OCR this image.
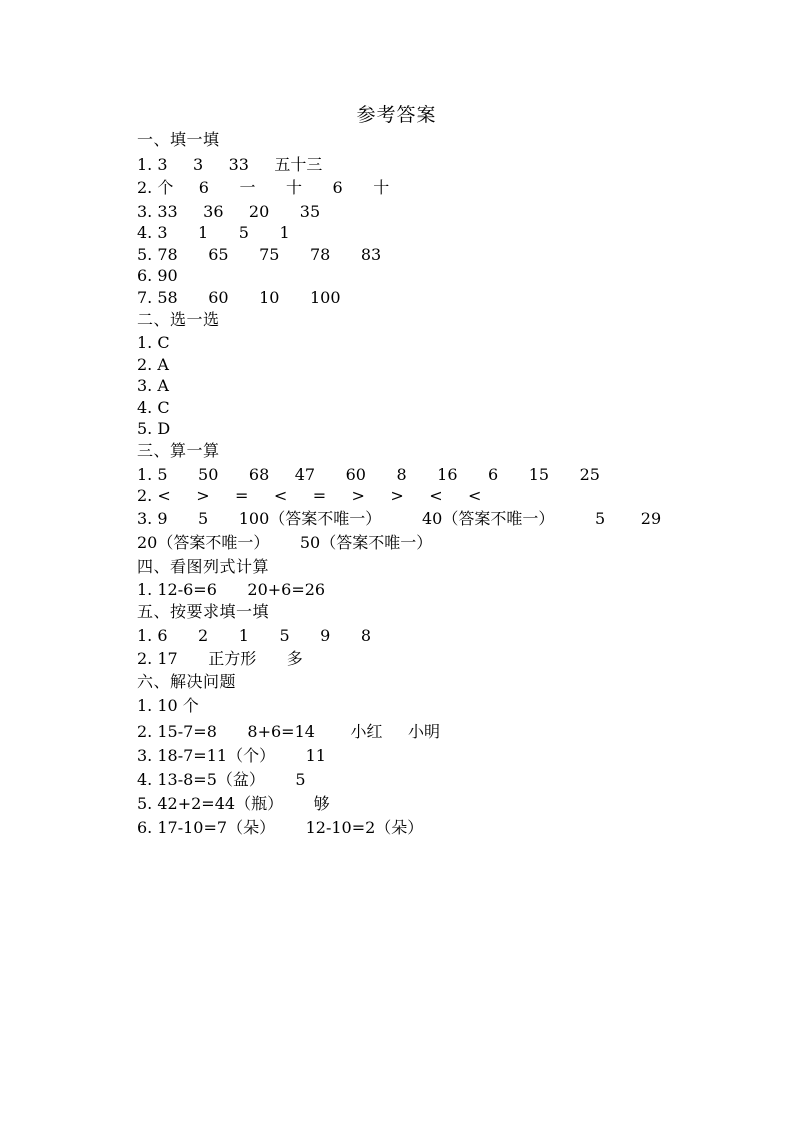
参考答案
一、填一填
1. 3     3     33     五十三
2. 个     6      一      十      6      十
3. 33     36     20      35
4. 3      1      5      1
5. 78      65      75      78      83
6. 90
7. 58      60      10      100
二、选一选
1. C
2. A
3. A
4. C
5. D
三、算一算
1. 5      50      68     47      60      8      16      6      15      25
2. <     >     =     <     =     >     >     <     <
3. 9      5      100（答案不唯一）        40（答案不唯一）        5       29
20（答案不唯一）      50（答案不唯一）
四、看图列式计算
1. 12-6=6      20+6=26
五、按要求填一填
1. 6      2      1      5      9      8
2. 17      正方形      多
六、解决问题
1. 10 个
2. 15-7=8      8+6=14       小红     小明
3. 18-7=11（个）      11
4. 13-8=5（盆）      5
5. 42+2=44（瓶）      够
6. 17-10=7（朵）      12-10=2（朵）
